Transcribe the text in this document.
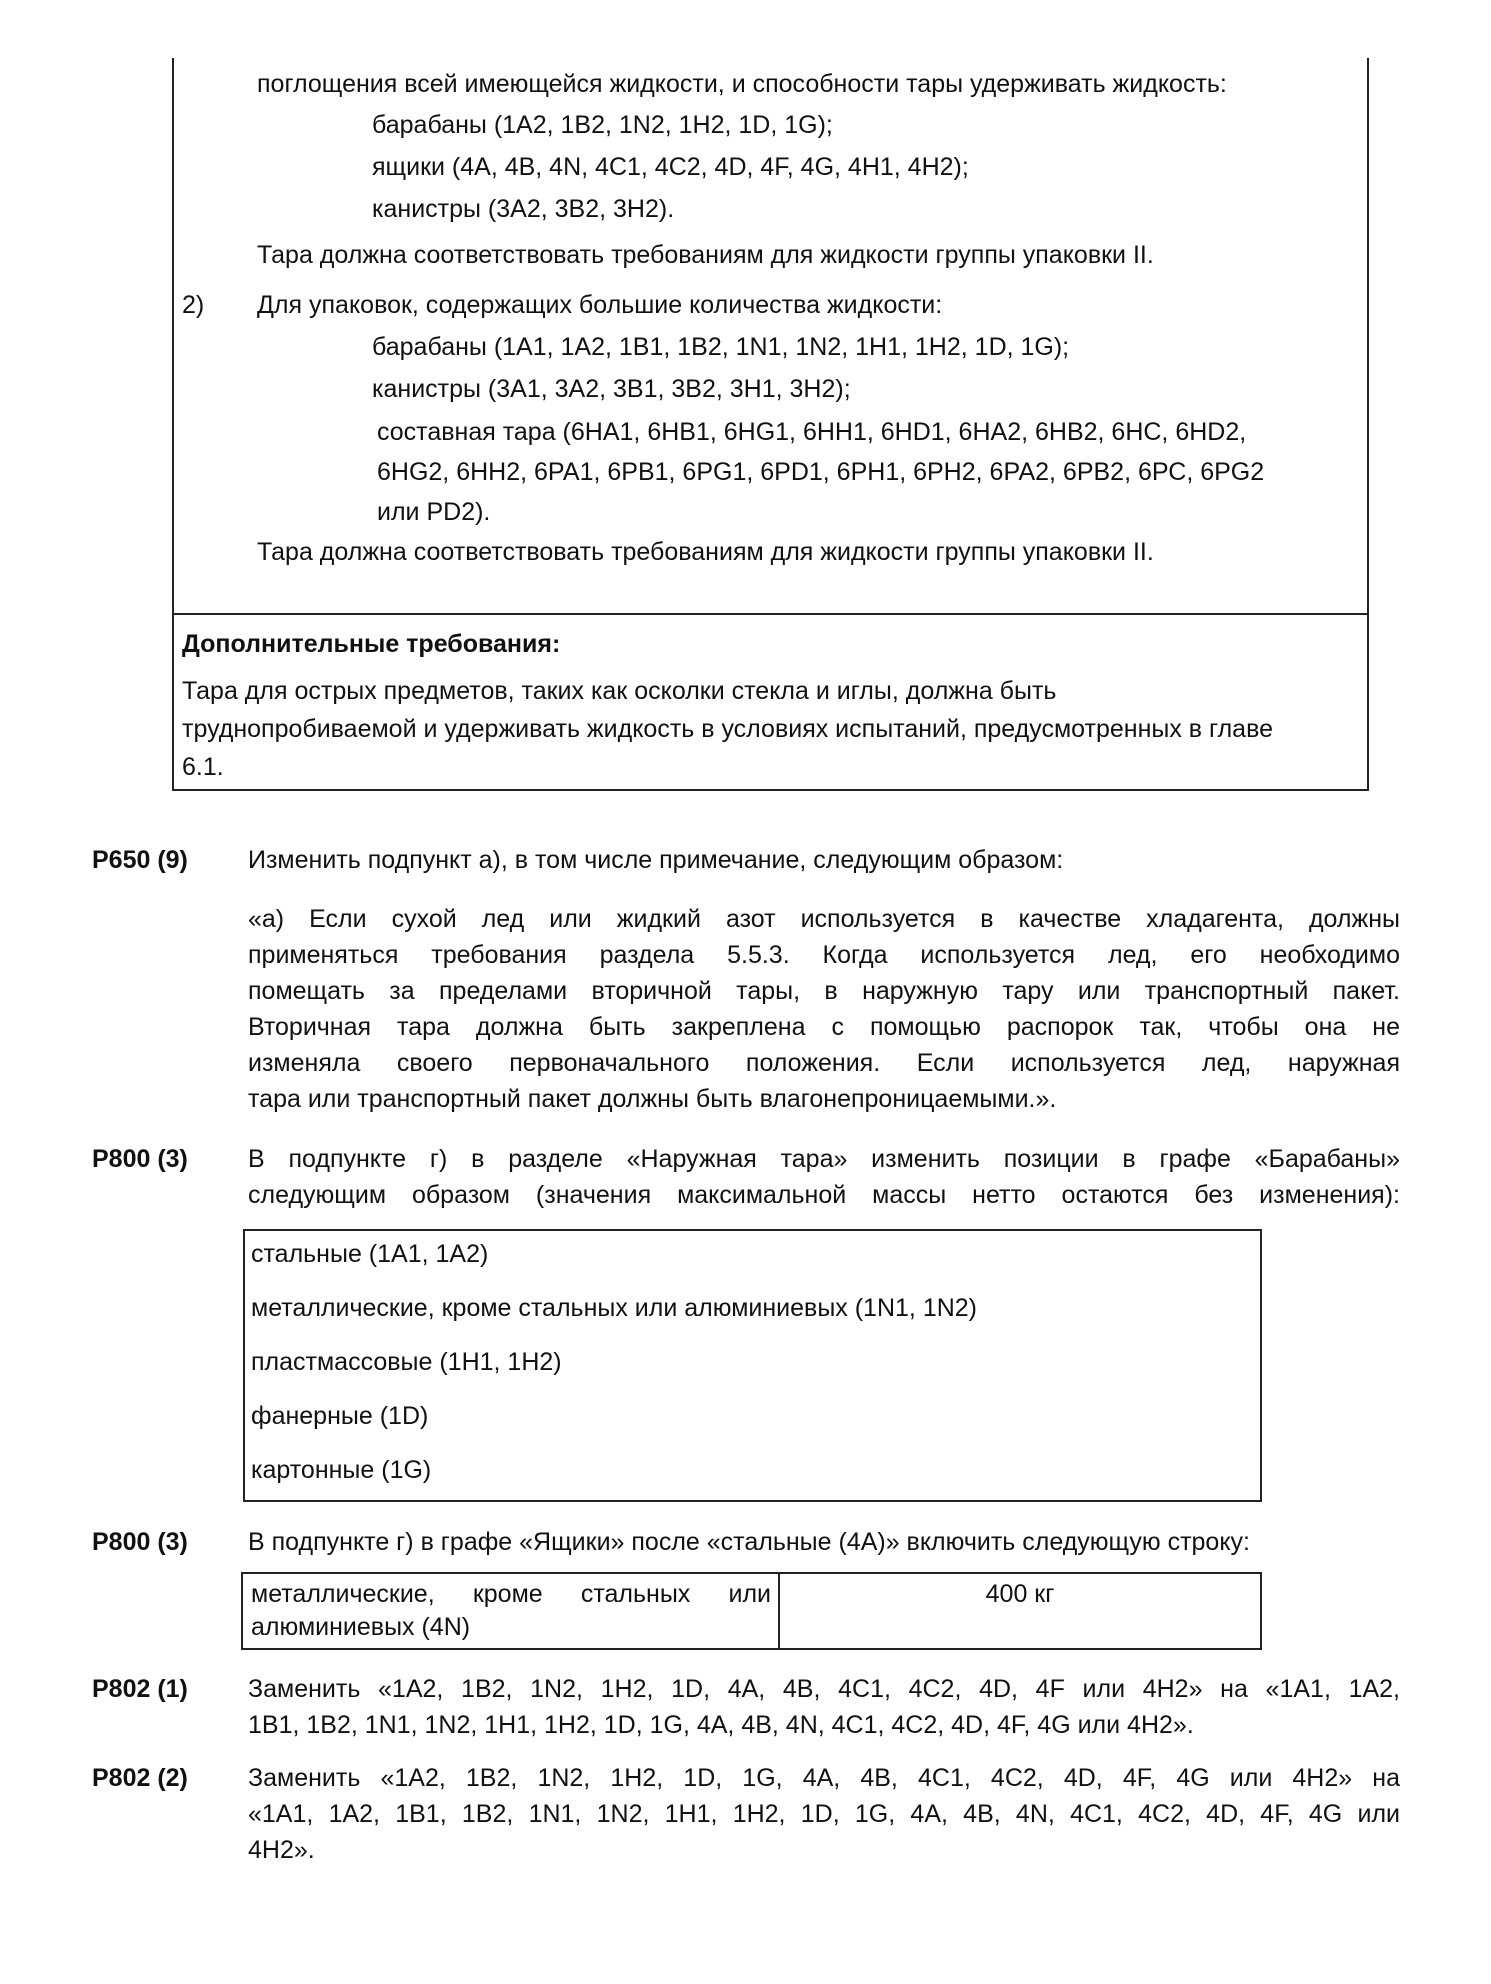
поглощения всей имеющейся жидкости, и способности тары удерживать жидкость:
барабаны (1А2, 1В2, 1N2, 1Н2, 1D, 1G);
ящики (4А, 4В, 4N, 4С1, 4С2, 4D, 4F, 4G, 4Н1, 4Н2);
канистры (3А2, 3В2, 3Н2).
Тара должна соответствовать требованиям для жидкости группы упаковки II.
2) Для упаковок, содержащих большие количества жидкости:
барабаны (1А1, 1А2, 1В1, 1В2, 1N1, 1N2, 1Н1, 1Н2, 1D, 1G);
канистры (3А1, 3А2, 3В1, 3В2, 3Н1, 3Н2);
составная тара (6НА1, 6НВ1, 6НG1, 6НН1, 6НD1, 6НА2, 6НВ2, 6НС, 6НD2,
6НG2, 6НН2, 6РА1, 6РВ1, 6РG1, 6РD1, 6РН1, 6РН2, 6РА2, 6РВ2, 6РС, 6РG2
или РD2).
Тара должна соответствовать требованиям для жидкости группы упаковки II.
Дополнительные требования:
Тара для острых предметов, таких как осколки стекла и иглы, должна быть
труднопробиваемой и удерживать жидкость в условиях испытаний, предусмотренных в главе
6.1.
P650 (9) Изменить подпункт а), в том числе примечание, следующим образом:
«а) Если сухой лед или жидкий азот используется в качестве хладагента, должны
применяться требования раздела 5.5.3. Когда используется лед, его необходимо
помещать за пределами вторичной тары, в наружную тару или транспортный пакет.
Вторичная тара должна быть закреплена с помощью распорок так, чтобы она не
изменяла своего первоначального положения. Если используется лед, наружная
тара или транспортный пакет должны быть влагонепроницаемыми.».
P800 (3) В подпункте г) в разделе «Наружная тара» изменить позиции в графе «Барабаны»
следующим образом (значения максимальной массы нетто остаются без изменения):
стальные (1А1, 1А2)
металлические, кроме стальных или алюминиевых (1N1, 1N2)
пластмассовые (1Н1, 1Н2)
фанерные (1D)
картонные (1G)
P800 (3) В подпункте г) в графе «Ящики» после «стальные (4А)» включить следующую строку:
металлические, кроме стальных или
алюминиевых (4N)
400 кг
P802 (1) Заменить «1А2, 1В2, 1N2, 1Н2, 1D, 4А, 4В, 4С1, 4С2, 4D, 4F или 4Н2» на «1А1, 1А2,
1В1, 1В2, 1N1, 1N2, 1Н1, 1Н2, 1D, 1G, 4А, 4В, 4N, 4С1, 4С2, 4D, 4F, 4G или 4Н2».
P802 (2) Заменить «1А2, 1В2, 1N2, 1Н2, 1D, 1G, 4А, 4В, 4С1, 4С2, 4D, 4F, 4G или 4Н2» на
«1А1, 1А2, 1В1, 1В2, 1N1, 1N2, 1Н1, 1Н2, 1D, 1G, 4А, 4В, 4N, 4С1, 4С2, 4D, 4F, 4G или
4Н2».
